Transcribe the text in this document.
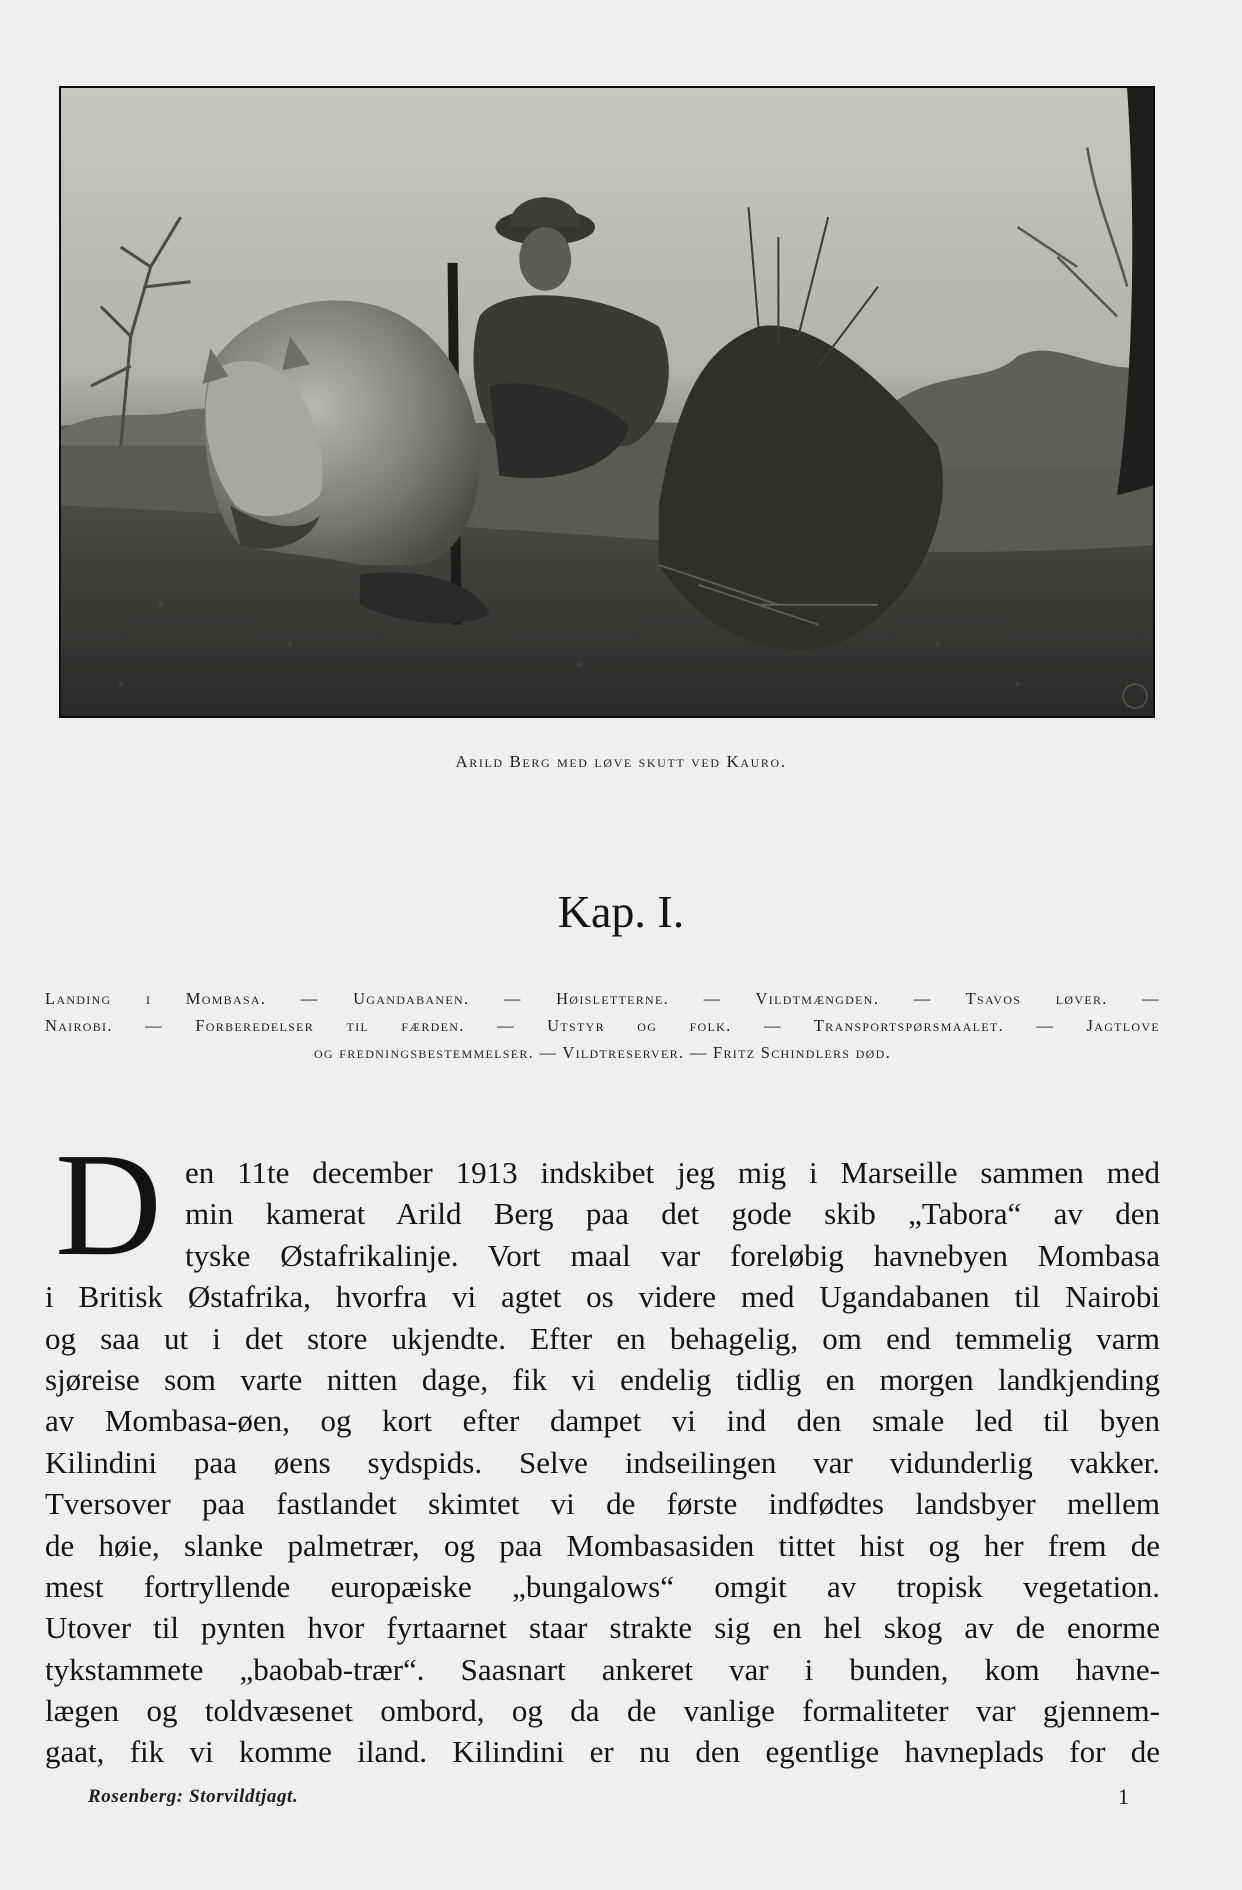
Arild Berg med løve skutt ved Kauro.
Kap. I.
Landing i Mombasa. — Ugandabanen. — Høisletterne. — Vildtmængden. — Tsavos løver. —
Nairobi. — Forberedelser til færden. — Utstyr og folk. — Transportspørsmaalet. — Jagtlove
og fredningsbestemmelser. — Vildtreserver. — Fritz Schindlers død.
D en 11te december 1913 indskibet jeg mig i Marseille sammen med
min kamerat Arild Berg paa det gode skib „Tabora“ av den
tyske Østafrikalinje. Vort maal var foreløbig havnebyen Mombasa
i Britisk Østafrika, hvorfra vi agtet os videre med Ugandabanen til Nairobi
og saa ut i det store ukjendte. Efter en behagelig, om end temmelig varm
sjøreise som varte nitten dage, fik vi endelig tidlig en morgen landkjending
av Mombasa-øen, og kort efter dampet vi ind den smale led til byen
Kilindini paa øens sydspids. Selve indseilingen var vidunderlig vakker.
Tversover paa fastlandet skimtet vi de første indfødtes landsbyer mellem
de høie, slanke palmetrær, og paa Mombasasiden tittet hist og her frem de
mest fortryllende europæiske „bungalows“ omgit av tropisk vegetation.
Utover til pynten hvor fyrtaarnet staar strakte sig en hel skog av de enorme
tykstammete „baobab-trær“. Saasnart ankeret var i bunden, kom havne-
lægen og toldvæsenet ombord, og da de vanlige formaliteter var gjennem-
gaat, fik vi komme iland. Kilindini er nu den egentlige havneplads for de
Rosenberg: Storvildtjagt.	1
